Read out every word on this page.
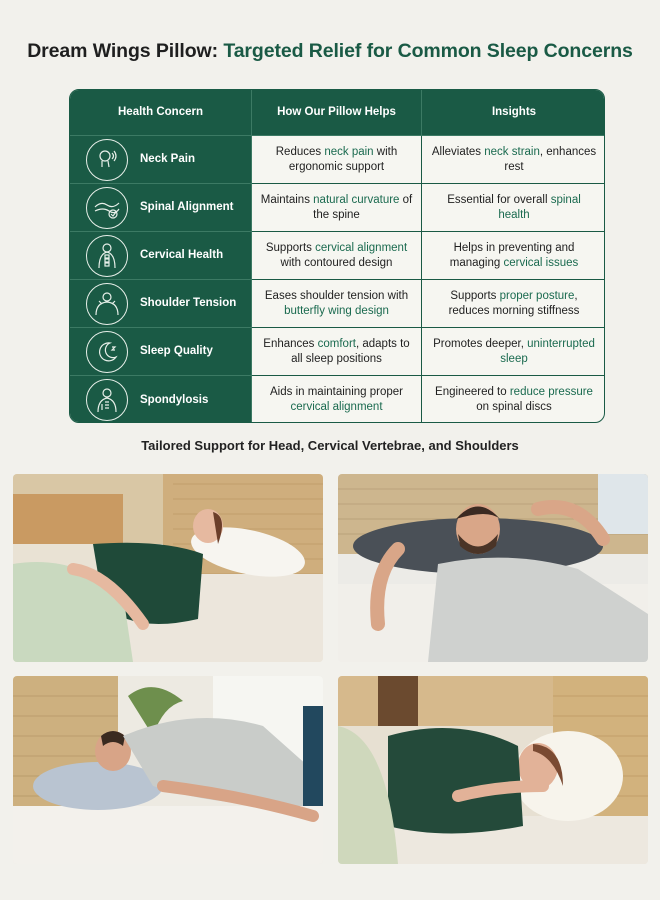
Dream Wings Pillow: Targeted Relief for Common Sleep Concerns
Health Concern	How Our Pillow Helps	Insights
Neck Pain
Reduces neck pain with ergonomic support
Alleviates neck strain, enhances rest
Spinal Alignment
Maintains natural curvature of the spine
Essential for overall spinal health
Cervical Health
Supports cervical alignment with contoured design
Helps in preventing and managing cervical issues
Shoulder Tension
Eases shoulder tension with butterfly wing design
Supports proper posture, reduces morning stiffness
Sleep Quality
Enhances comfort, adapts to all sleep positions
Promotes deeper, uninterrupted sleep
Spondylosis
Aids in maintaining proper cervical alignment
Engineered to reduce pressure on spinal discs
Tailored Support for Head, Cervical Vertebrae, and Shoulders
